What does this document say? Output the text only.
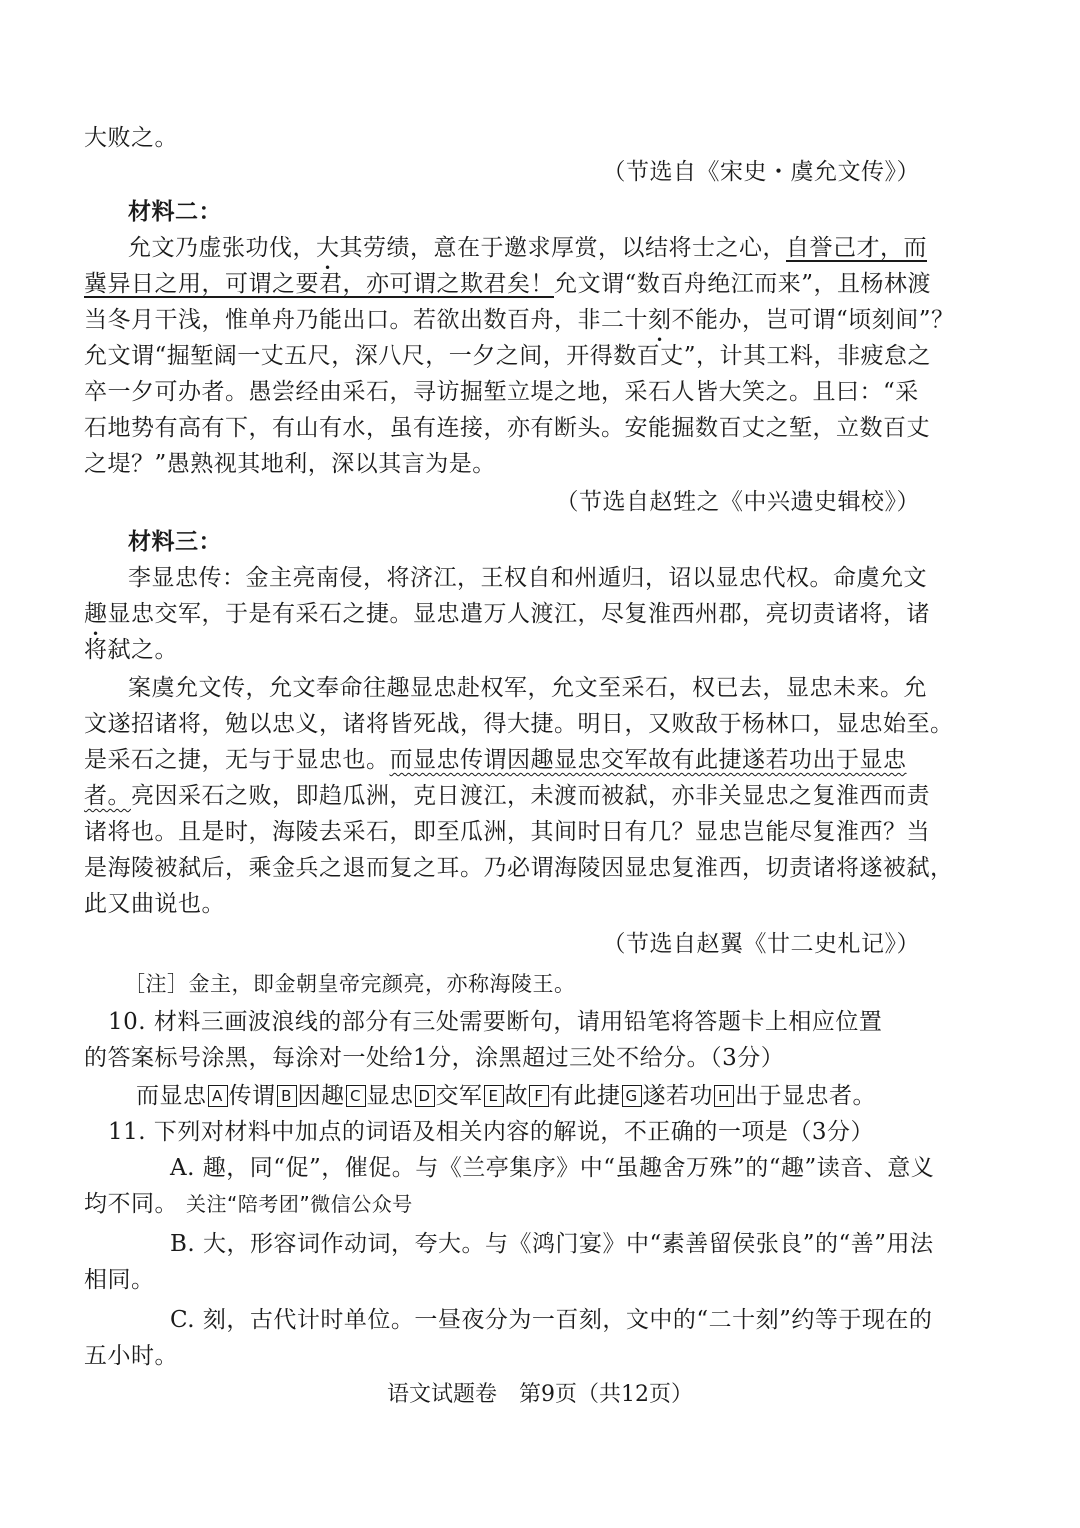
大败之。
（节选自《宋史・虞允文传》）
材料二：
允文乃虚张功伐，大其劳绩，意在于邀求厚赏，以结将士之心，自誉己才，而
冀异日之用，可谓之要君，亦可谓之欺君矣！允文谓“数百舟绝江而来”，且杨林渡
当冬月干浅，惟单舟乃能出口。若欲出数百舟，非二十刻不能办，岂可谓“顷刻间”？
允文谓“掘堑阔一丈五尺，深八尺，一夕之间，开得数百丈”，计其工料，非疲怠之
卒一夕可办者。愚尝经由采石，寻访掘堑立堤之地，采石人皆大笑之。且曰：“采
石地势有高有下，有山有水，虽有连接，亦有断头。安能掘数百丈之堑，立数百丈
之堤？”愚熟视其地利，深以其言为是。
（节选自赵甡之《中兴遗史辑校》）
材料三：
李显忠传：金主亮南侵，将济江，王权自和州遁归，诏以显忠代权。命虞允文
趣显忠交军，于是有采石之捷。显忠遣万人渡江，尽复淮西州郡，亮切责诸将，诸
将弑之。
案虞允文传，允文奉命往趣显忠赴权军，允文至采石，权已去，显忠未来。允
文遂招诸将，勉以忠义，诸将皆死战，得大捷。明日，又败敌于杨林口，显忠始至。
是采石之捷，无与于显忠也。而显忠传谓因趣显忠交军故有此捷遂若功出于显忠
者。亮因采石之败，即趋瓜洲，克日渡江，未渡而被弑，亦非关显忠之复淮西而责
诸将也。且是时，海陵去采石，即至瓜洲，其间时日有几？显忠岂能尽复淮西？当
是海陵被弑后，乘金兵之退而复之耳。乃必谓海陵因显忠复淮西，切责诸将遂被弑，
此又曲说也。
（节选自赵翼《廿二史札记》）
［注］金主，即金朝皇帝完颜亮，亦称海陵王。
10. 材料三画波浪线的部分有三处需要断句，请用铅笔将答题卡上相应位置
的答案标号涂黑，每涂对一处给1分，涂黑超过三处不给分。（3分）
而显忠 A 传谓 B 因趣 C 显忠 D 交军 E 故 F 有此捷 G 遂若功 H 出于显忠者。
11. 下列对材料中加点的词语及相关内容的解说，不正确的一项是（3分）
A. 趣，同“促”，催促。与《兰亭集序》中“虽趣舍万殊”的“趣”读音、意义
均不同。 关注“陪考团”微信公众号
B. 大，形容词作动词，夸大。与《鸿门宴》中“素善留侯张良”的“善”用法
相同。
C. 刻，古代计时单位。一昼夜分为一百刻，文中的“二十刻”约等于现在的
五小时。
语文试题卷　第9页（共12页）
